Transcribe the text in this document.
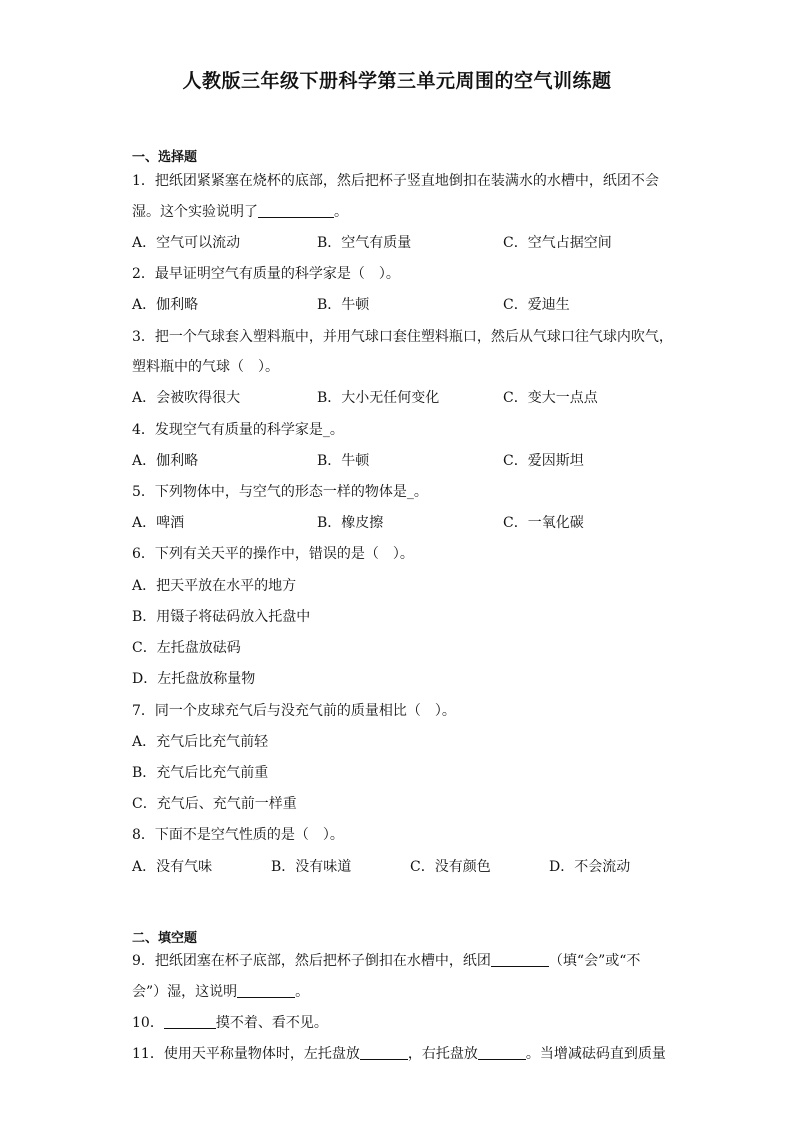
人教版三年级下册科学第三单元周围的空气训练题
一、选择题
1．把纸团紧紧塞在烧杯的底部，然后把杯子竖直地倒扣在装满水的水槽中，纸团不会
湿。这个实验说明了	。
A．空气可以流动	B．空气有质量	C．空气占据空间
2．最早证明空气有质量的科学家是（　）。
A．伽利略	B．牛顿	C．爱迪生
3．把一个气球套入塑料瓶中，并用气球口套住塑料瓶口，然后从气球口往气球内吹气，
塑料瓶中的气球（　）。
A．会被吹得很大	B．大小无任何变化	C．变大一点点
4．发现空气有质量的科学家是_。
A．伽利略	B．牛顿	C．爱因斯坦
5．下列物体中，与空气的形态一样的物体是_。
A．啤酒	B．橡皮擦	C．一氧化碳
6．下列有关天平的操作中，错误的是（　）。
A．把天平放在水平的地方
B．用镊子将砝码放入托盘中
C．左托盘放砝码
D．左托盘放称量物
7．同一个皮球充气后与没充气前的质量相比（　）。
A．充气后比充气前轻
B．充气后比充气前重
C．充气后、充气前一样重
8．下面不是空气性质的是（　）。
A．没有气味	B．没有味道	C．没有颜色	D．不会流动
二、填空题
9．把纸团塞在杯子底部，然后把杯子倒扣在水槽中，纸团	（填“会”或“不
会”）湿，这说明	。
10．	摸不着、看不见。
11．使用天平称量物体时，左托盘放	，右托盘放	。当增减砝码直到质量
